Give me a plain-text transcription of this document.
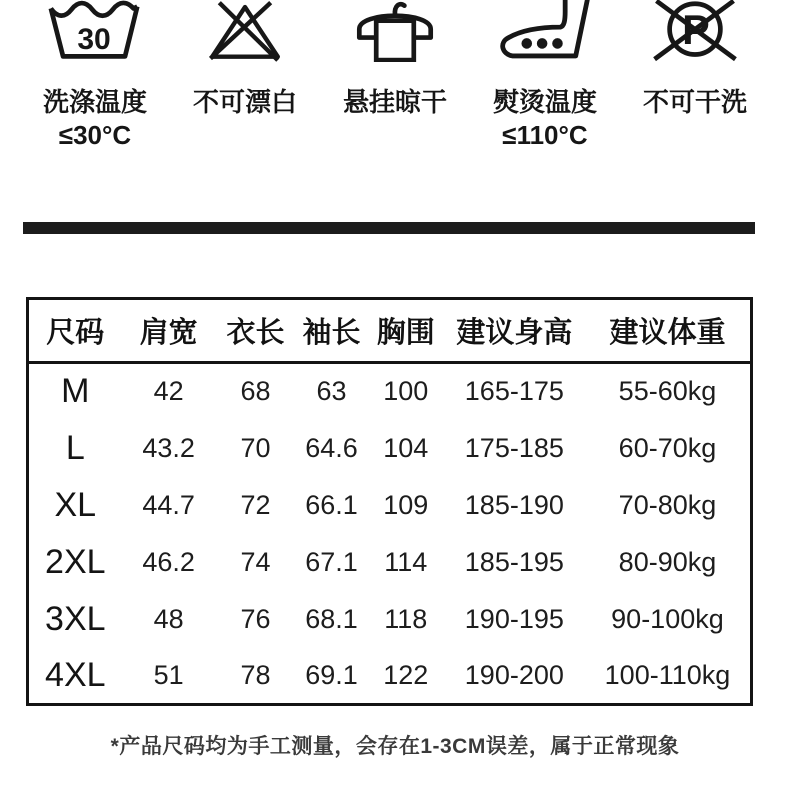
30
洗涤温度
≤30°C
不可漂白 悬挂晾干 熨烫温度
≤110°C
P
不可干洗
尺码	肩宽	衣长	袖长	胸围	建议身高	建议体重
M	42	68	63	100	165-175	55-60kg
L	43.2	70	64.6	104	175-185	60-70kg
XL	44.7	72	66.1	109	185-190	70-80kg
2XL	46.2	74	67.1	114	185-195	80-90kg
3XL	48	76	68.1	118	190-195	90-100kg
4XL	51	78	69.1	122	190-200	100-110kg
*产品尺码均为手工测量，会存在1-3CM误差，属于正常现象
